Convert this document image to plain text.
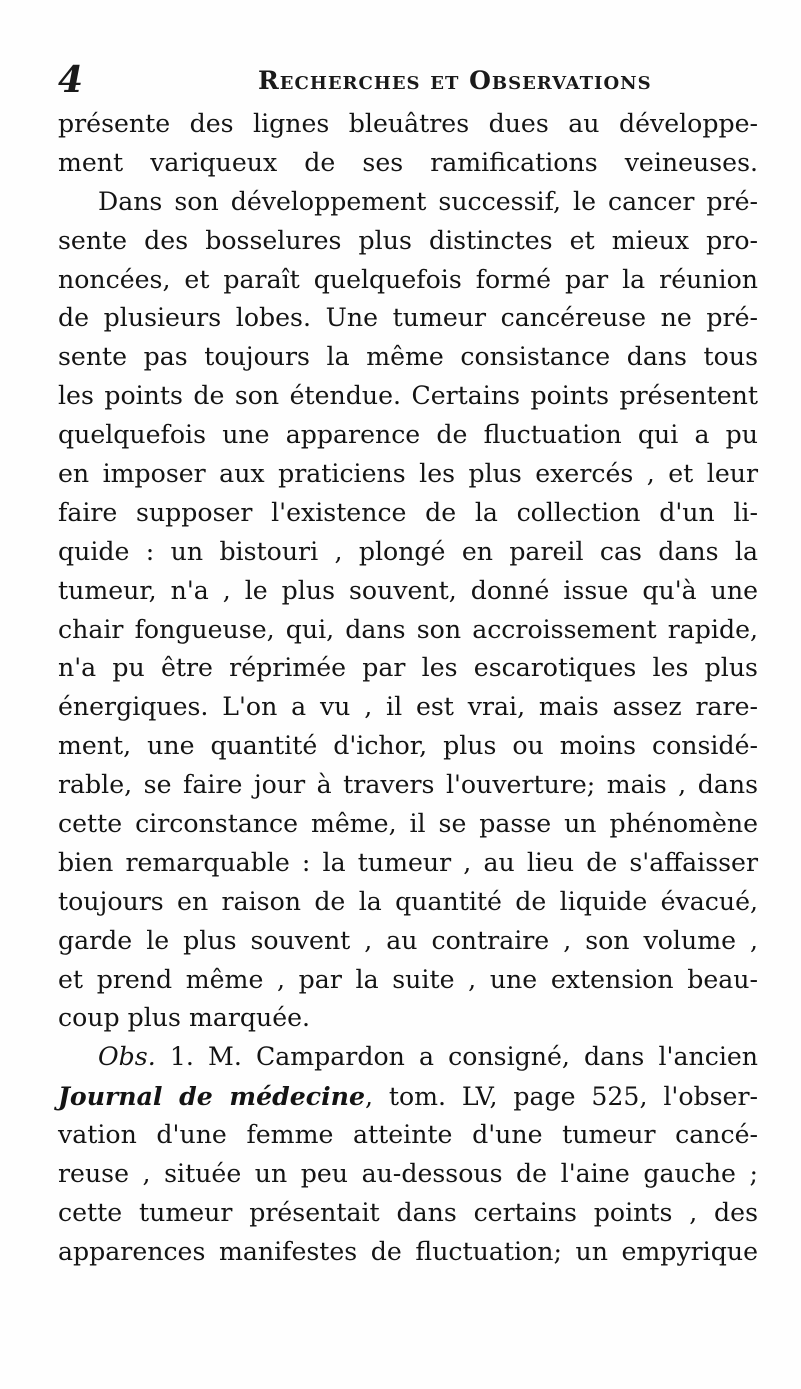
4	Recherches et Observations
présente des lignes bleuâtres dues au développe-
ment variqueux de ses ramifications veineuses.
Dans son développement successif, le cancer pré-
sente des bosselures plus distinctes et mieux pro-
noncées, et paraît quelquefois formé par la réunion
de plusieurs lobes. Une tumeur cancéreuse ne pré-
sente pas toujours la même consistance dans tous
les points de son étendue. Certains points présentent
quelquefois une apparence de fluctuation qui a pu
en imposer aux praticiens les plus exercés , et leur
faire supposer l'existence de la collection d'un li-
quide : un bistouri , plongé en pareil cas dans la
tumeur, n'a , le plus souvent, donné issue qu'à une
chair fongueuse, qui, dans son accroissement rapide,
n'a pu être réprimée par les escarotiques les plus
énergiques. L'on a vu , il est vrai, mais assez rare-
ment, une quantité d'ichor, plus ou moins considé-
rable, se faire jour à travers l'ouverture; mais , dans
cette circonstance même, il se passe un phénomène
bien remarquable : la tumeur , au lieu de s'affaisser
toujours en raison de la quantité de liquide évacué,
garde le plus souvent , au contraire , son volume ,
et prend même , par la suite , une extension beau-
coup plus marquée.
Obs. 1. M. Campardon a consigné, dans l'ancien
Journal de médecine, tom. LV, page 525, l'obser-
vation d'une femme atteinte d'une tumeur cancé-
reuse , située un peu au-dessous de l'aine gauche ;
cette tumeur présentait dans certains points , des
apparences manifestes de fluctuation; un empyrique
